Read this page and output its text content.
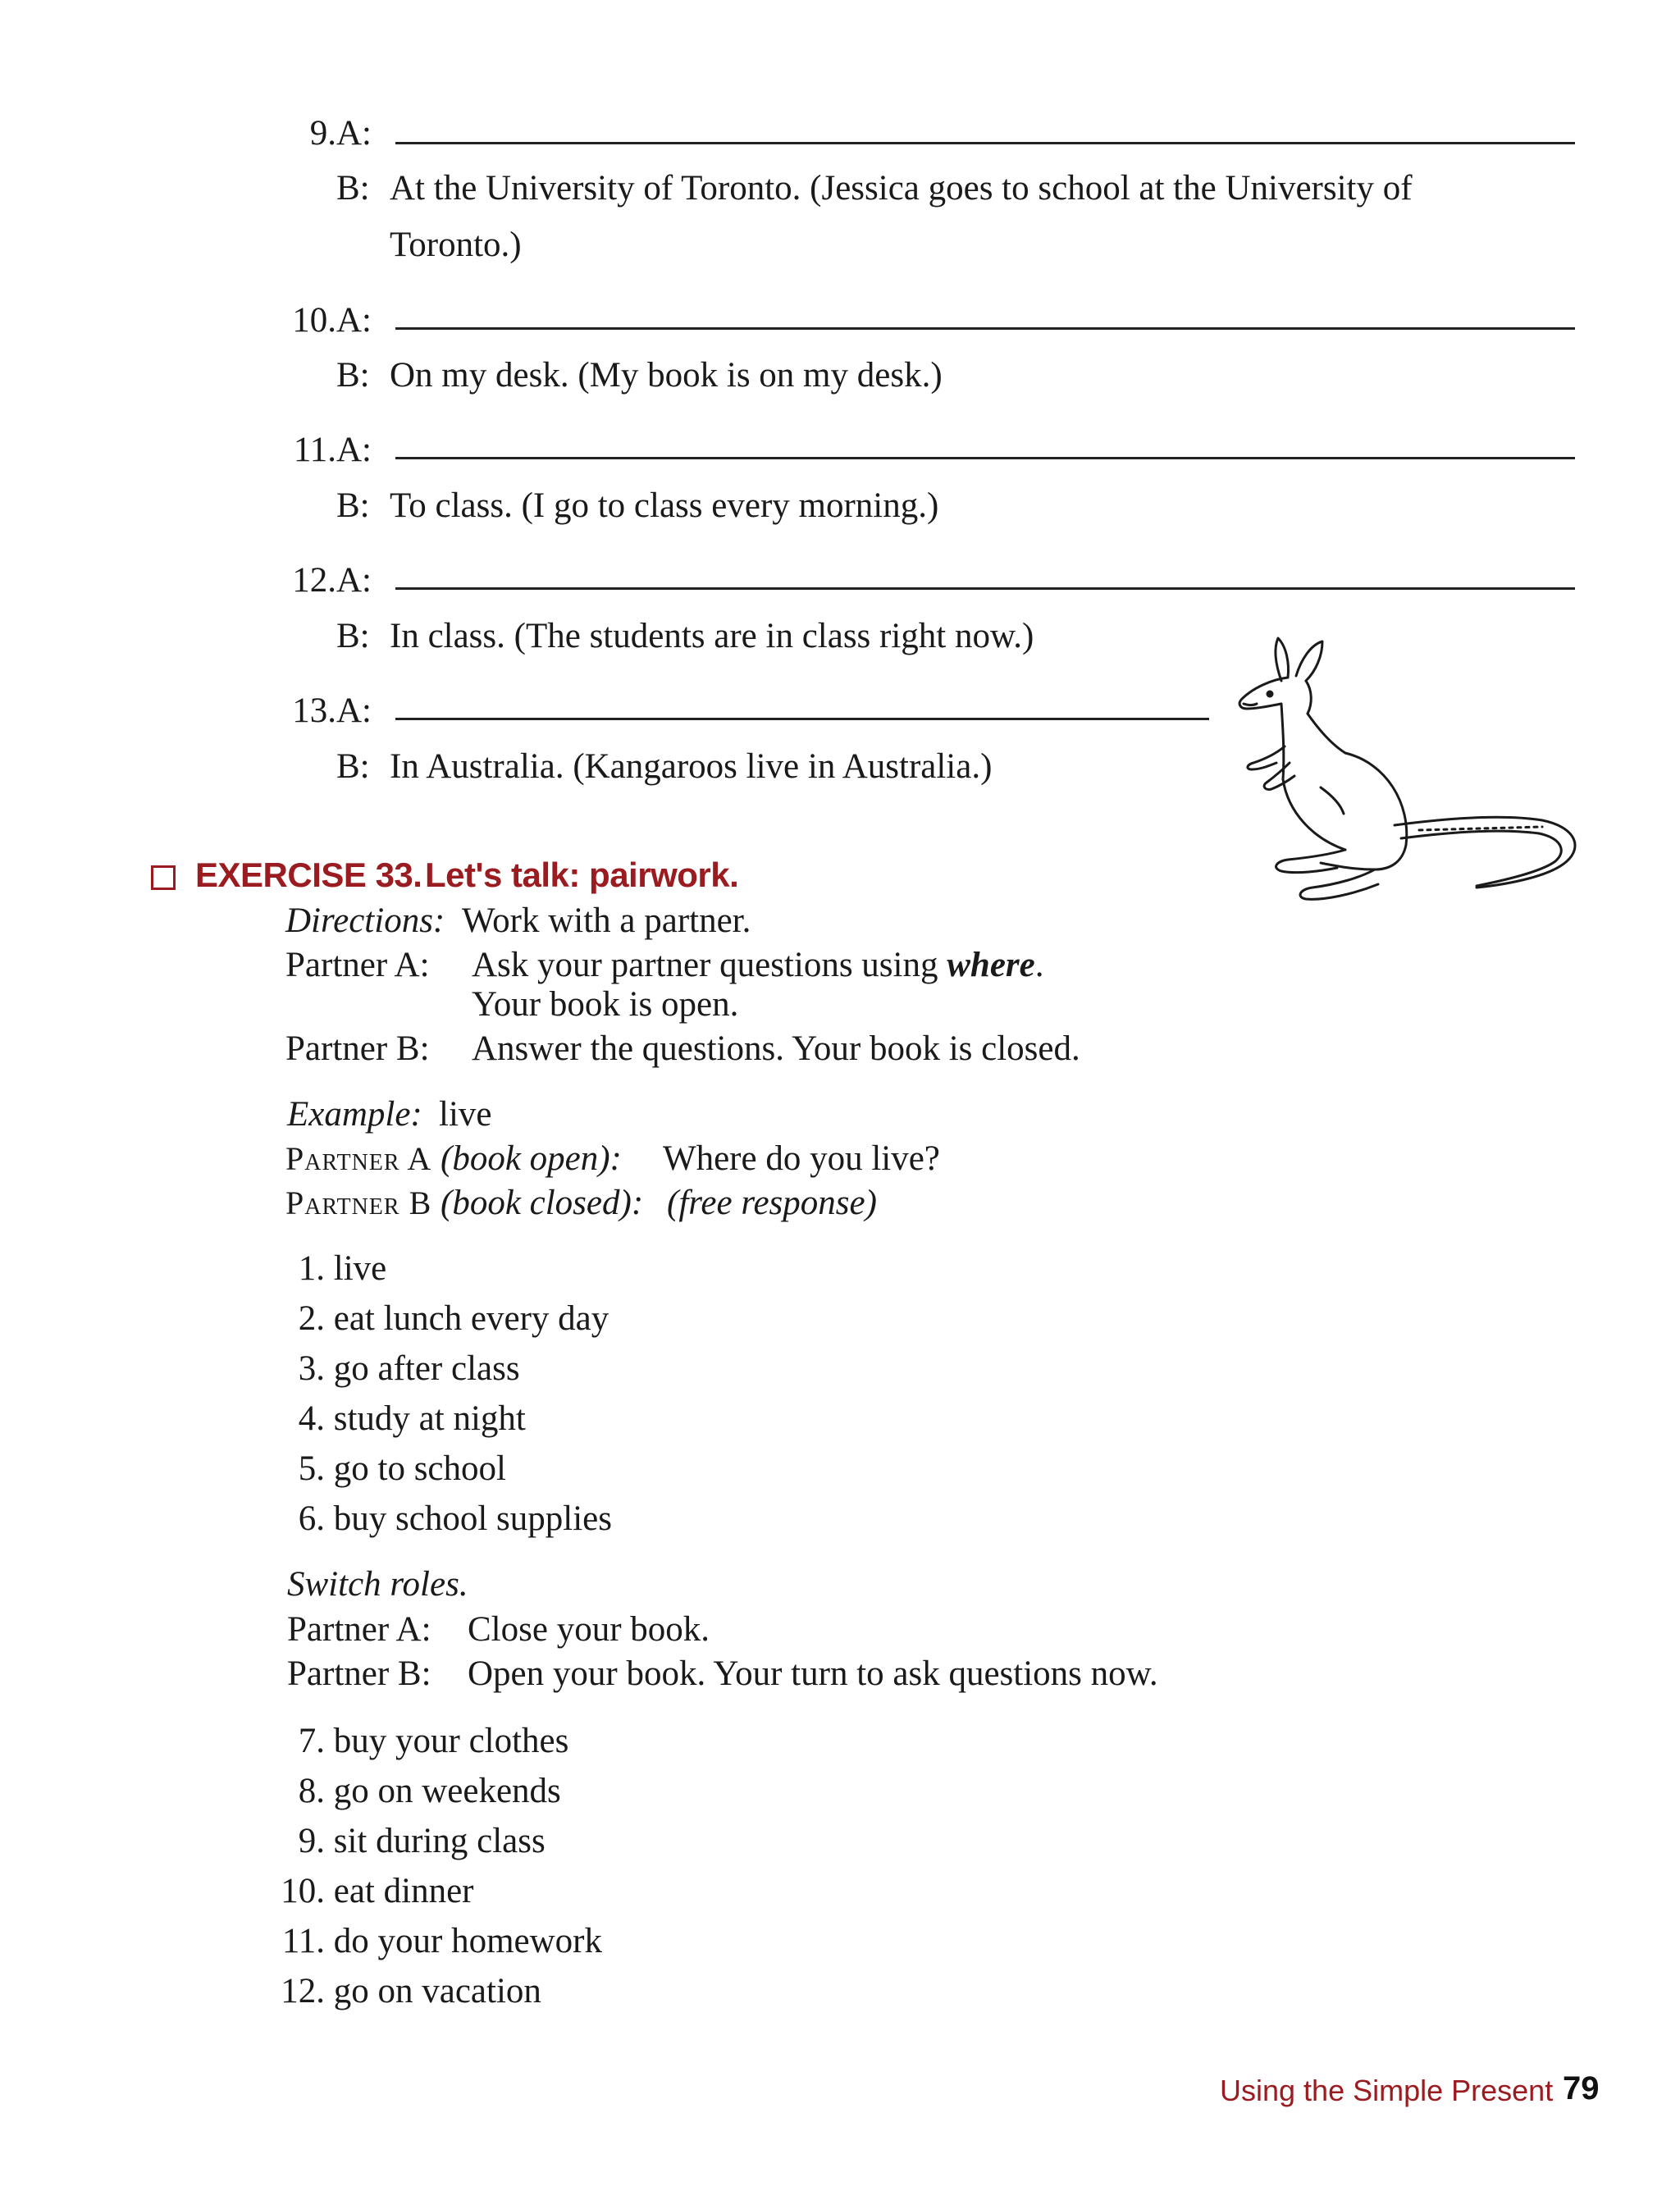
9. A:
B: At the University of Toronto. (Jessica goes to school at the University of
Toronto.)
10. A:
B: On my desk. (My book is on my desk.)
11. A:
B: To class. (I go to class every morning.)
12. A:
B: In class. (The students are in class right now.)
13. A:
B: In Australia. (Kangaroos live in Australia.)
EXERCISE 33. Let's talk: pairwork.
Directions: Work with a partner.
Partner A: Ask your partner questions using where.
Your book is open.
Partner B: Answer the questions. Your book is closed.
Example: live
Partner A (book open): Where do you live?
Partner B (book closed): (free response)
1. live
2. eat lunch every day
3. go after class
4. study at night
5. go to school
6. buy school supplies
Switch roles.
Partner A: Close your book.
Partner B: Open your book. Your turn to ask questions now.
7. buy your clothes
8. go on weekends
9. sit during class
10. eat dinner
11. do your homework
12. go on vacation
Using the Simple Present 79
